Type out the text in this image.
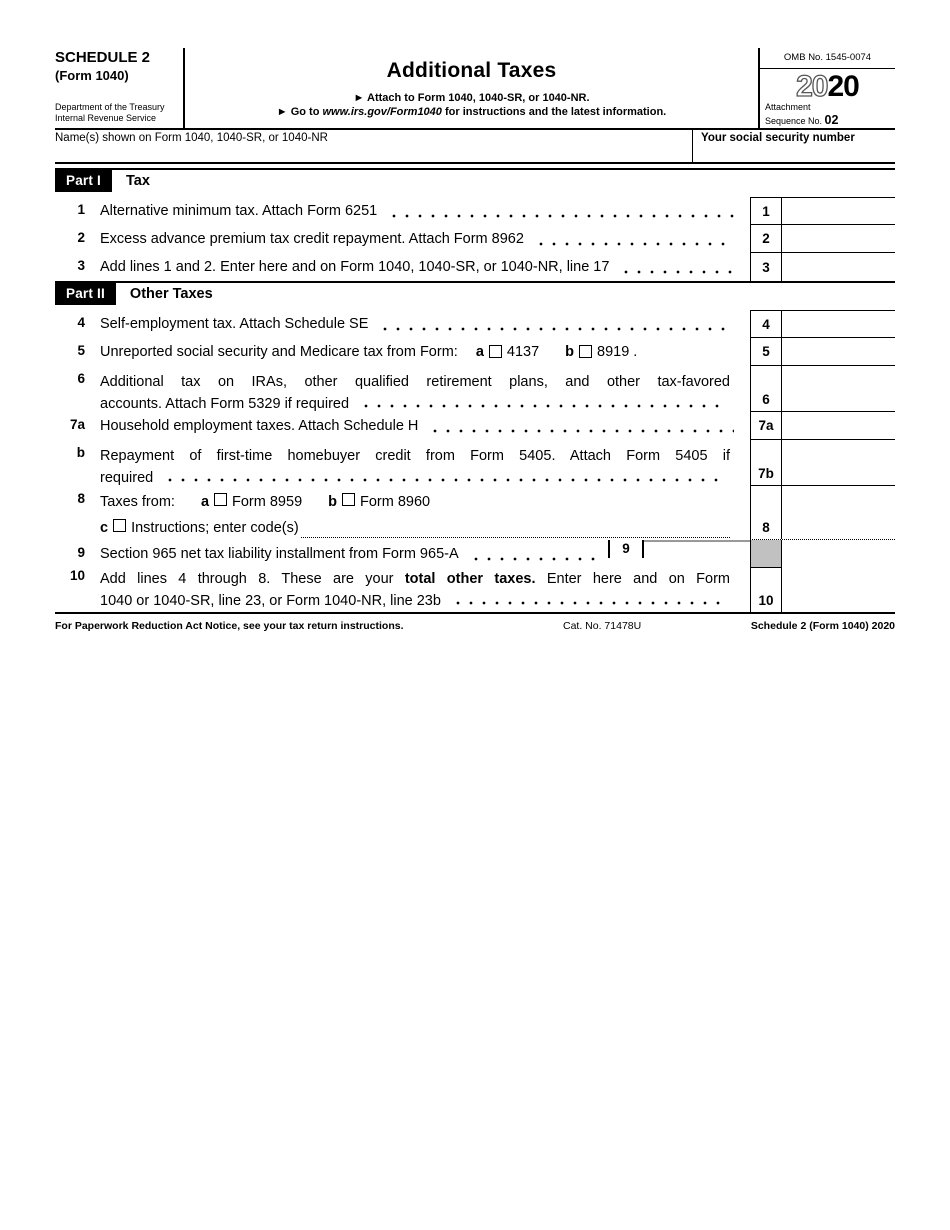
SCHEDULE 2
(Form 1040)
Department of the Treasury
Internal Revenue Service
Additional Taxes
► Attach to Form 1040, 1040-SR, or 1040-NR.
► Go to www.irs.gov/Form1040 for instructions and the latest information.
OMB No. 1545-0074
2020
Attachment
Sequence No. 02
Name(s) shown on Form 1040, 1040-SR, or 1040-NR	Your social security number
Part I	Tax
1	Alternative minimum tax. Attach Form 6251	1
2	Excess advance premium tax credit repayment. Attach Form 8962	2
3	Add lines 1 and 2. Enter here and on Form 1040, 1040-SR, or 1040-NR, line 17	3
Part II	Other Taxes
4	Self-employment tax. Attach Schedule SE	4
5	Unreported social security and Medicare tax from Form: a 4137 b 8919 .	5
6	Additional tax on IRAs, other qualified retirement plans, and other tax-favored
accounts. Attach Form 5329 if required	6
7a	Household employment taxes. Attach Schedule H	7a
b	Repayment of first-time homebuyer credit from Form 5405. Attach Form 5405 if
required	7b
8	Taxes from: a Form 8959 b Form 8960
c Instructions; enter code(s)	8
9	Section 965 net tax liability installment from Form 965-A	9
10	Add lines 4 through 8. These are your total other taxes. Enter here and on Form
1040 or 1040-SR, line 23, or Form 1040-NR, line 23b	10
For Paperwork Reduction Act Notice, see your tax return instructions.	Cat. No. 71478U	Schedule 2 (Form 1040) 2020
